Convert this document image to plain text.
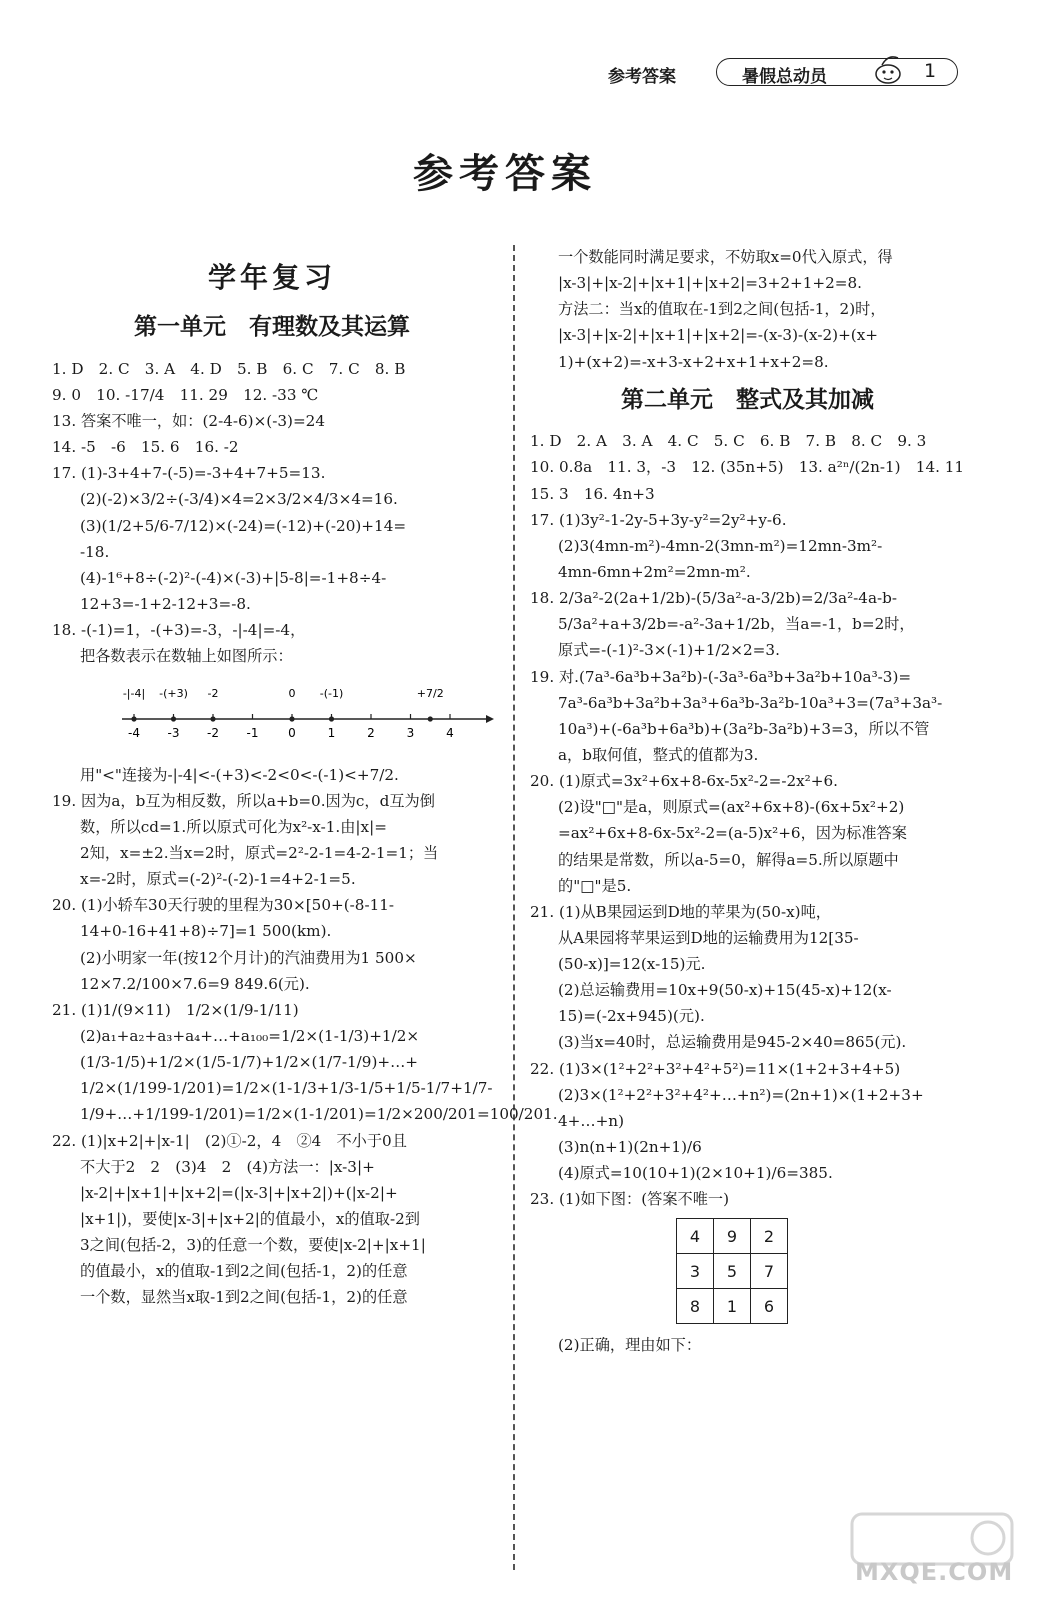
参考答案	暑假总动员	1
参考答案
学年复习
第一单元　有理数及其运算
1. D　2. C　3. A　4. D　5. B　6. C　7. C　8. B
9. 0　10. -17/4　11. 29　12. -33 ℃
13. 答案不唯一，如：(2-4-6)×(-3)=24
14. -5　-6　15. 6　16. -2
17. (1)-3+4+7-(-5)=-3+4+7+5=13.
(2)(-2)×3/2÷(-3/4)×4=2×3/2×4/3×4=16.
(3)(1/2+5/6-7/12)×(-24)=(-12)+(-20)+14=
-18.
(4)-1⁶+8÷(-2)²-(-4)×(-3)+|5-8|=-1+8÷4-
12+3=-1+2-12+3=-8.
18. -(-1)=1，-(+3)=-3，-|-4|=-4，
把各数表示在数轴上如图所示：
-4 -3 -2 -1 0	1	2	3	4
-|-4| -(+3) -2	0 -(-1)	+7/2
用"<"连接为-|-4|<-(+3)<-2<0<-(-1)<+7/2.
19. 因为a，b互为相反数，所以a+b=0.因为c，d互为倒
数，所以cd=1.所以原式可化为x²-x-1.由|x|=
2知，x=±2.当x=2时，原式=2²-2-1=4-2-1=1；当
x=-2时，原式=(-2)²-(-2)-1=4+2-1=5.
20. (1)小轿车30天行驶的里程为30×[50+(-8-11-
14+0-16+41+8)÷7]=1 500(km).
(2)小明家一年(按12个月计)的汽油费用为1 500×
12×7.2/100×7.6=9 849.6(元).
21. (1)1/(9×11)　1/2×(1/9-1/11)
(2)a₁+a₂+a₃+a₄+…+a₁₀₀=1/2×(1-1/3)+1/2×
(1/3-1/5)+1/2×(1/5-1/7)+1/2×(1/7-1/9)+…+
1/2×(1/199-1/201)=1/2×(1-1/3+1/3-1/5+1/5-1/7+1/7-
1/9+…+1/199-1/201)=1/2×(1-1/201)=1/2×200/201=100/201.
22. (1)|x+2|+|x-1|　(2)①-2，4　②4　不小于0且
不大于2　2　(3)4　2　(4)方法一：|x-3|+
|x-2|+|x+1|+|x+2|=(|x-3|+|x+2|)+(|x-2|+
|x+1|)，要使|x-3|+|x+2|的值最小，x的值取-2到
3之间(包括-2，3)的任意一个数，要使|x-2|+|x+1|
的值最小，x的值取-1到2之间(包括-1，2)的任意
一个数，显然当x取-1到2之间(包括-1，2)的任意
一个数能同时满足要求，不妨取x=0代入原式，得
|x-3|+|x-2|+|x+1|+|x+2|=3+2+1+2=8.
方法二：当x的值取在-1到2之间(包括-1，2)时，
|x-3|+|x-2|+|x+1|+|x+2|=-(x-3)-(x-2)+(x+
1)+(x+2)=-x+3-x+2+x+1+x+2=8.
第二单元　整式及其加减
1. D　2. A　3. A　4. C　5. C　6. B　7. B　8. C　9. 3
10. 0.8a　11. 3，-3　12. (35n+5)　13. a²ⁿ/(2n-1)　14. 11
15. 3　16. 4n+3
17. (1)3y²-1-2y-5+3y-y²=2y²+y-6.
(2)3(4mn-m²)-4mn-2(3mn-m²)=12mn-3m²-
4mn-6mn+2m²=2mn-m².
18. 2/3a²-2(2a+1/2b)-(5/3a²-a-3/2b)=2/3a²-4a-b-
5/3a²+a+3/2b=-a²-3a+1/2b，当a=-1，b=2时，
原式=-(-1)²-3×(-1)+1/2×2=3.
19. 对.(7a³-6a³b+3a²b)-(-3a³-6a³b+3a²b+10a³-3)=
7a³-6a³b+3a²b+3a³+6a³b-3a²b-10a³+3=(7a³+3a³-
10a³)+(-6a³b+6a³b)+(3a²b-3a²b)+3=3，所以不管
a，b取何值，整式的值都为3.
20. (1)原式=3x²+6x+8-6x-5x²-2=-2x²+6.
(2)设"□"是a，则原式=(ax²+6x+8)-(6x+5x²+2)
=ax²+6x+8-6x-5x²-2=(a-5)x²+6，因为标准答案
的结果是常数，所以a-5=0，解得a=5.所以原题中
的"□"是5.
21. (1)从B果园运到D地的苹果为(50-x)吨，
从A果园将苹果运到D地的运输费用为12[35-
(50-x)]=12(x-15)元.
(2)总运输费用=10x+9(50-x)+15(45-x)+12(x-
15)=(-2x+945)(元).
(3)当x=40时，总运输费用是945-2×40=865(元).
22. (1)3×(1²+2²+3²+4²+5²)=11×(1+2+3+4+5)
(2)3×(1²+2²+3²+4²+…+n²)=(2n+1)×(1+2+3+
4+…+n)
(3)n(n+1)(2n+1)/6
(4)原式=10(10+1)(2×10+1)/6=385.
23. (1)如下图：(答案不唯一)
4	9	2
3	5	7
8	1	6
(2)正确，理由如下：
MXQE.COM
